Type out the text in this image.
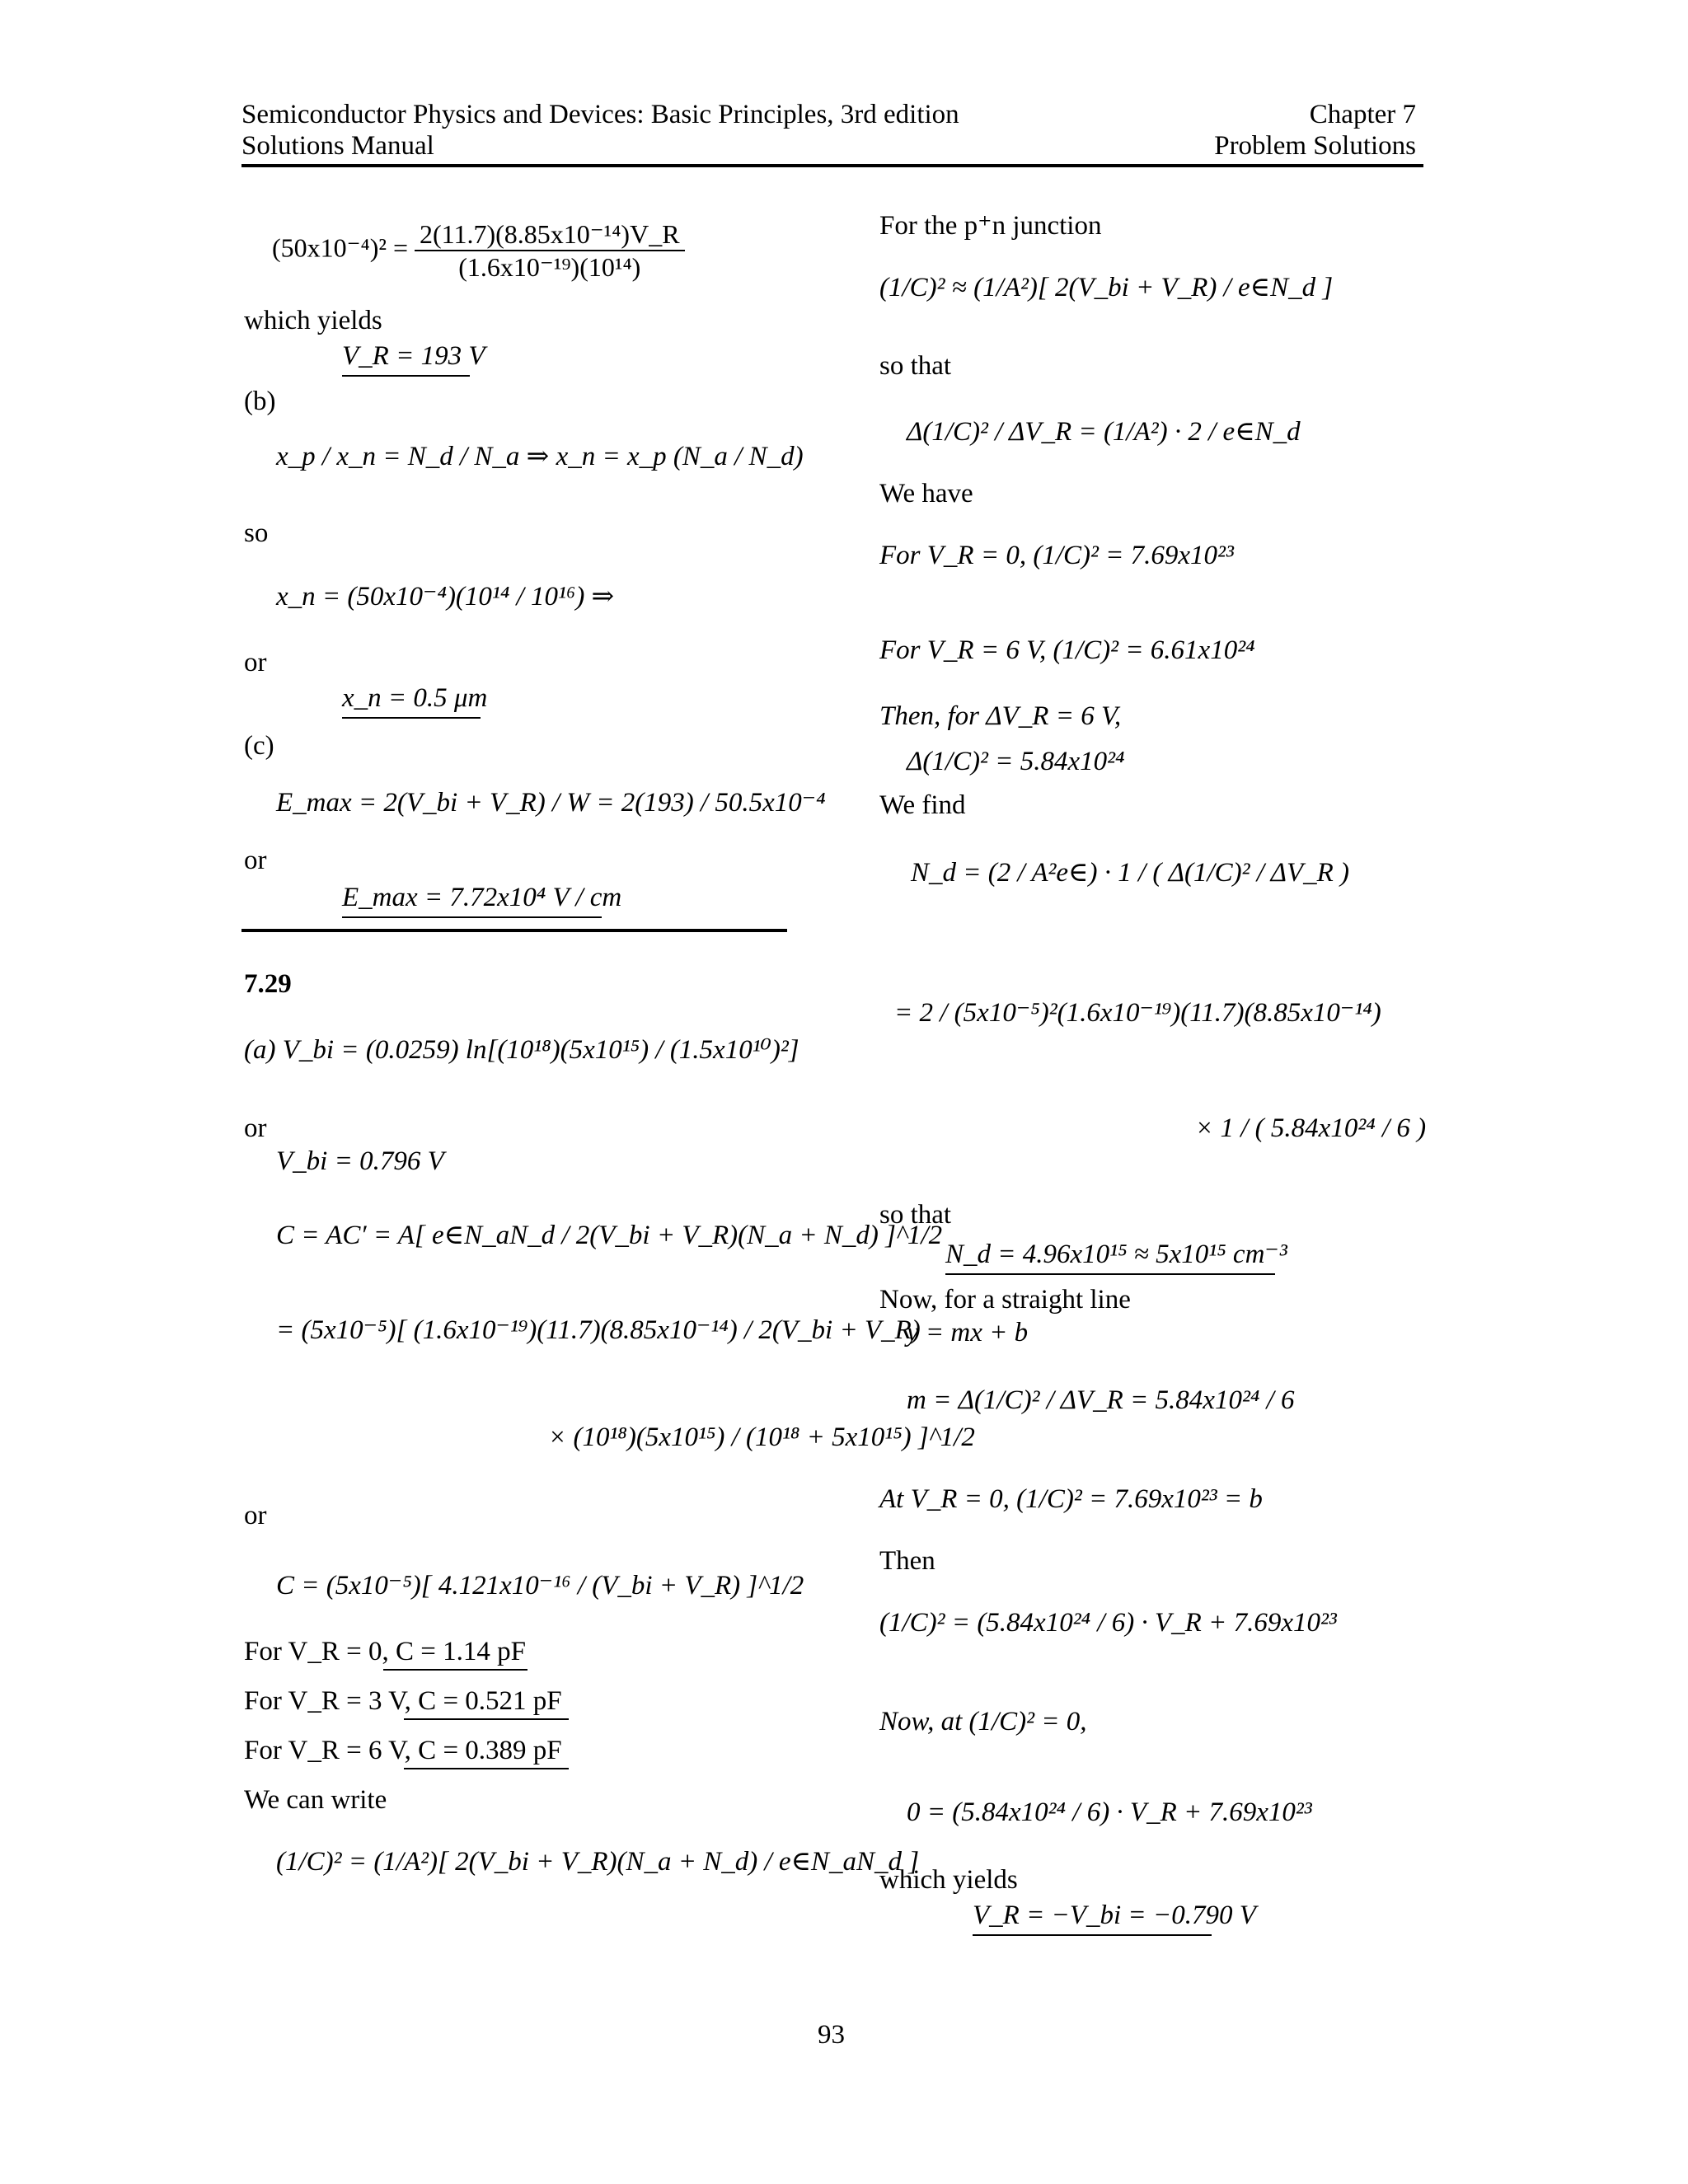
Semiconductor Physics and Devices: Basic Principles, 3rd edition
Solutions Manual
Chapter 7
Problem Solutions
$(50x10^{-4})^2 = \frac{\text{2(11.7)(8.85x10⁻¹⁴)V\_R}}{\text{(1.6x10⁻¹⁹)(10¹⁴)}}$
which yields
V_R = 193 V
(b)
x_p / x_n = N_d / N_a ⇒ x_n = x_p (N_a / N_d)
so
x_n = (50x10⁻⁴)(10¹⁴ / 10¹⁶) ⇒
or
x_n = 0.5 μm
(c)
E_max = 2(V_bi + V_R) / W = 2(193) / 50.5x10⁻⁴
or
E_max = 7.72x10⁴ V / cm
7.29
(a) V_bi = (0.0259) ln[(10¹⁸)(5x10¹⁵) / (1.5x10¹⁰)²]
or
V_bi = 0.796 V
C = AC′ = A[ e∈N_aN_d / 2(V_bi + V_R)(N_a + N_d) ]^1/2
= (5x10⁻⁵)[ (1.6x10⁻¹⁹)(11.7)(8.85x10⁻¹⁴) / 2(V_bi + V_R)
× (10¹⁸)(5x10¹⁵) / (10¹⁸ + 5x10¹⁵) ]^1/2
or
C = (5x10⁻⁵)[ 4.121x10⁻¹⁶ / (V_bi + V_R) ]^1/2
For V_R = 0, C = 1.14 pF
For V_R = 3 V, C = 0.521 pF
For V_R = 6 V, C = 0.389 pF
We can write
(1/C)² = (1/A²)[ 2(V_bi + V_R)(N_a + N_d) / e∈N_aN_d ]
For the p⁺n junction
(1/C)² ≈ (1/A²)[ 2(V_bi + V_R) / e∈N_d ]
so that
Δ(1/C)² / ΔV_R = (1/A²) · 2 / e∈N_d
We have
For V_R = 0, (1/C)² = 7.69x10²³
For V_R = 6 V, (1/C)² = 6.61x10²⁴
Then, for ΔV_R = 6 V,
Δ(1/C)² = 5.84x10²⁴
We find
N_d = (2 / A²e∈) · 1 / ( Δ(1/C)² / ΔV_R )
= 2 / (5x10⁻⁵)²(1.6x10⁻¹⁹)(11.7)(8.85x10⁻¹⁴)
× 1 / ( 5.84x10²⁴ / 6 )
so that
N_d = 4.96x10¹⁵ ≈ 5x10¹⁵ cm⁻³
Now, for a straight line
y = mx + b
m = Δ(1/C)² / ΔV_R = 5.84x10²⁴ / 6
At V_R = 0, (1/C)² = 7.69x10²³ = b
Then
(1/C)² = (5.84x10²⁴ / 6) · V_R + 7.69x10²³
Now, at (1/C)² = 0,
0 = (5.84x10²⁴ / 6) · V_R + 7.69x10²³
which yields
V_R = −V_bi = −0.790 V
93
